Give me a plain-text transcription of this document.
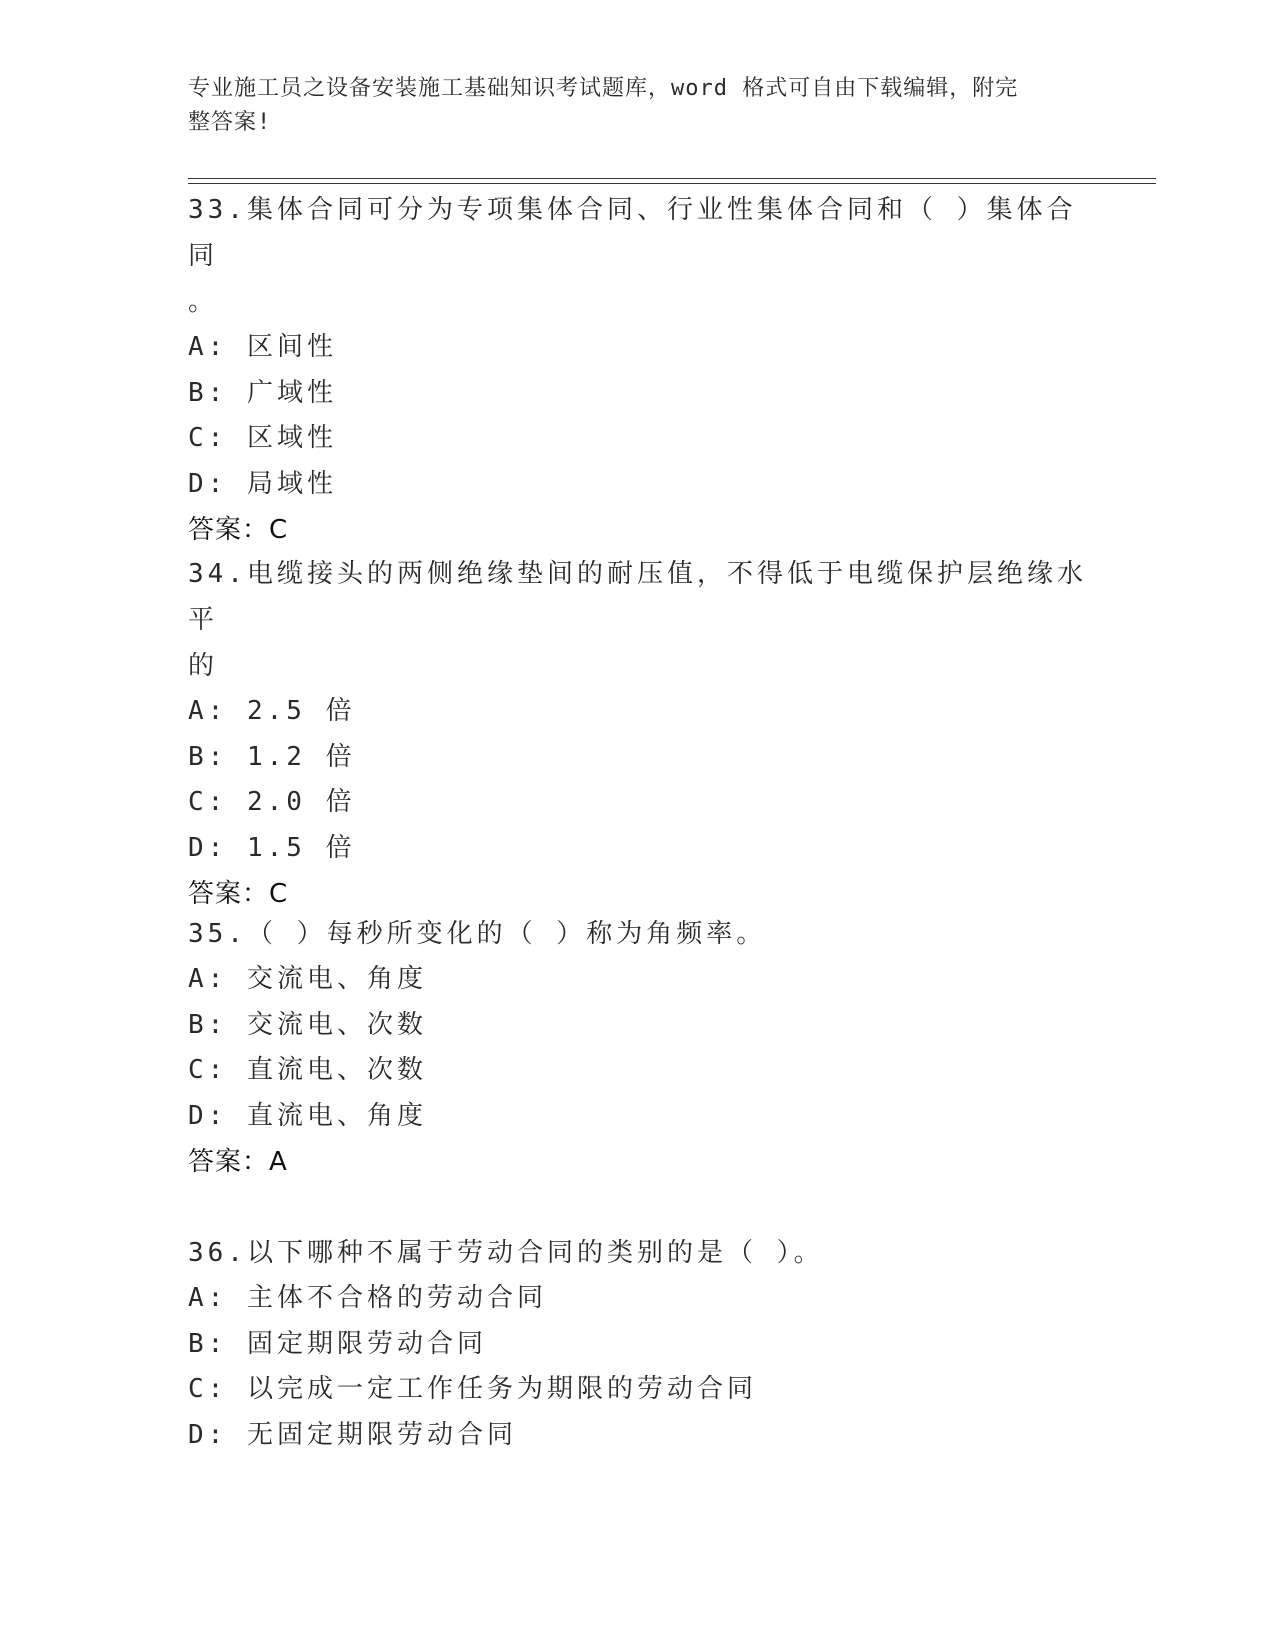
专业施工员之设备安装施工基础知识考试题库，word 格式可自由下载编辑，附完
整答案!
33.集体合同可分为专项集体合同、行业性集体合同和（ ）集体合同
。
A: 区间性
B: 广域性
C: 区域性
D: 局域性
答案：C
34.电缆接头的两侧绝缘垫间的耐压值，不得低于电缆保护层绝缘水平
的
A: 2.5 倍
B: 1.2 倍
C: 2.0 倍
D: 1.5 倍
答案：C
35.（ ）每秒所变化的（ ）称为角频率。
A: 交流电、角度
B: 交流电、次数
C: 直流电、次数
D: 直流电、角度
答案：A
36.以下哪种不属于劳动合同的类别的是（ ）。
A: 主体不合格的劳动合同
B: 固定期限劳动合同
C: 以完成一定工作任务为期限的劳动合同
D: 无固定期限劳动合同
